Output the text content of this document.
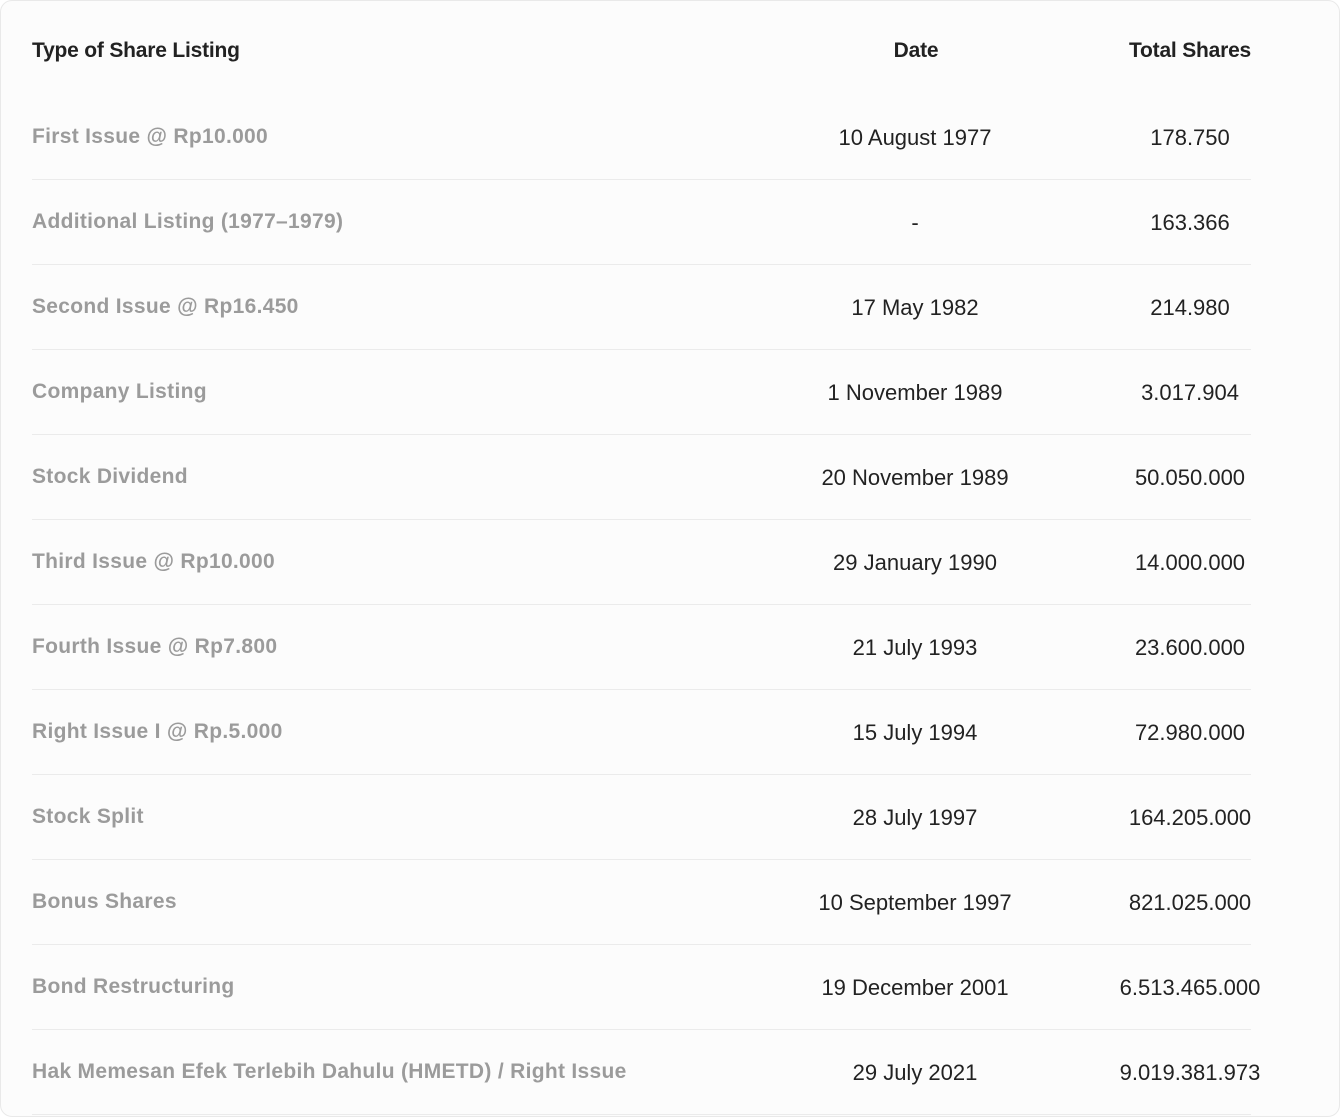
Type of Share Listing	Date	Total Shares
First Issue @ Rp10.000	10 August 1977	178.750
Additional Listing (1977–1979)	-	163.366
Second Issue @ Rp16.450	17 May 1982	214.980
Company Listing	1 November 1989	3.017.904
Stock Dividend	20 November 1989	50.050.000
Third Issue @ Rp10.000	29 January 1990	14.000.000
Fourth Issue @ Rp7.800	21 July 1993	23.600.000
Right Issue I @ Rp.5.000	15 July 1994	72.980.000
Stock Split	28 July 1997	164.205.000
Bonus Shares	10 September 1997	821.025.000
Bond Restructuring	19 December 2001	6.513.465.000
Hak Memesan Efek Terlebih Dahulu (HMETD) / Right Issue	29 July 2021	9.019.381.973
